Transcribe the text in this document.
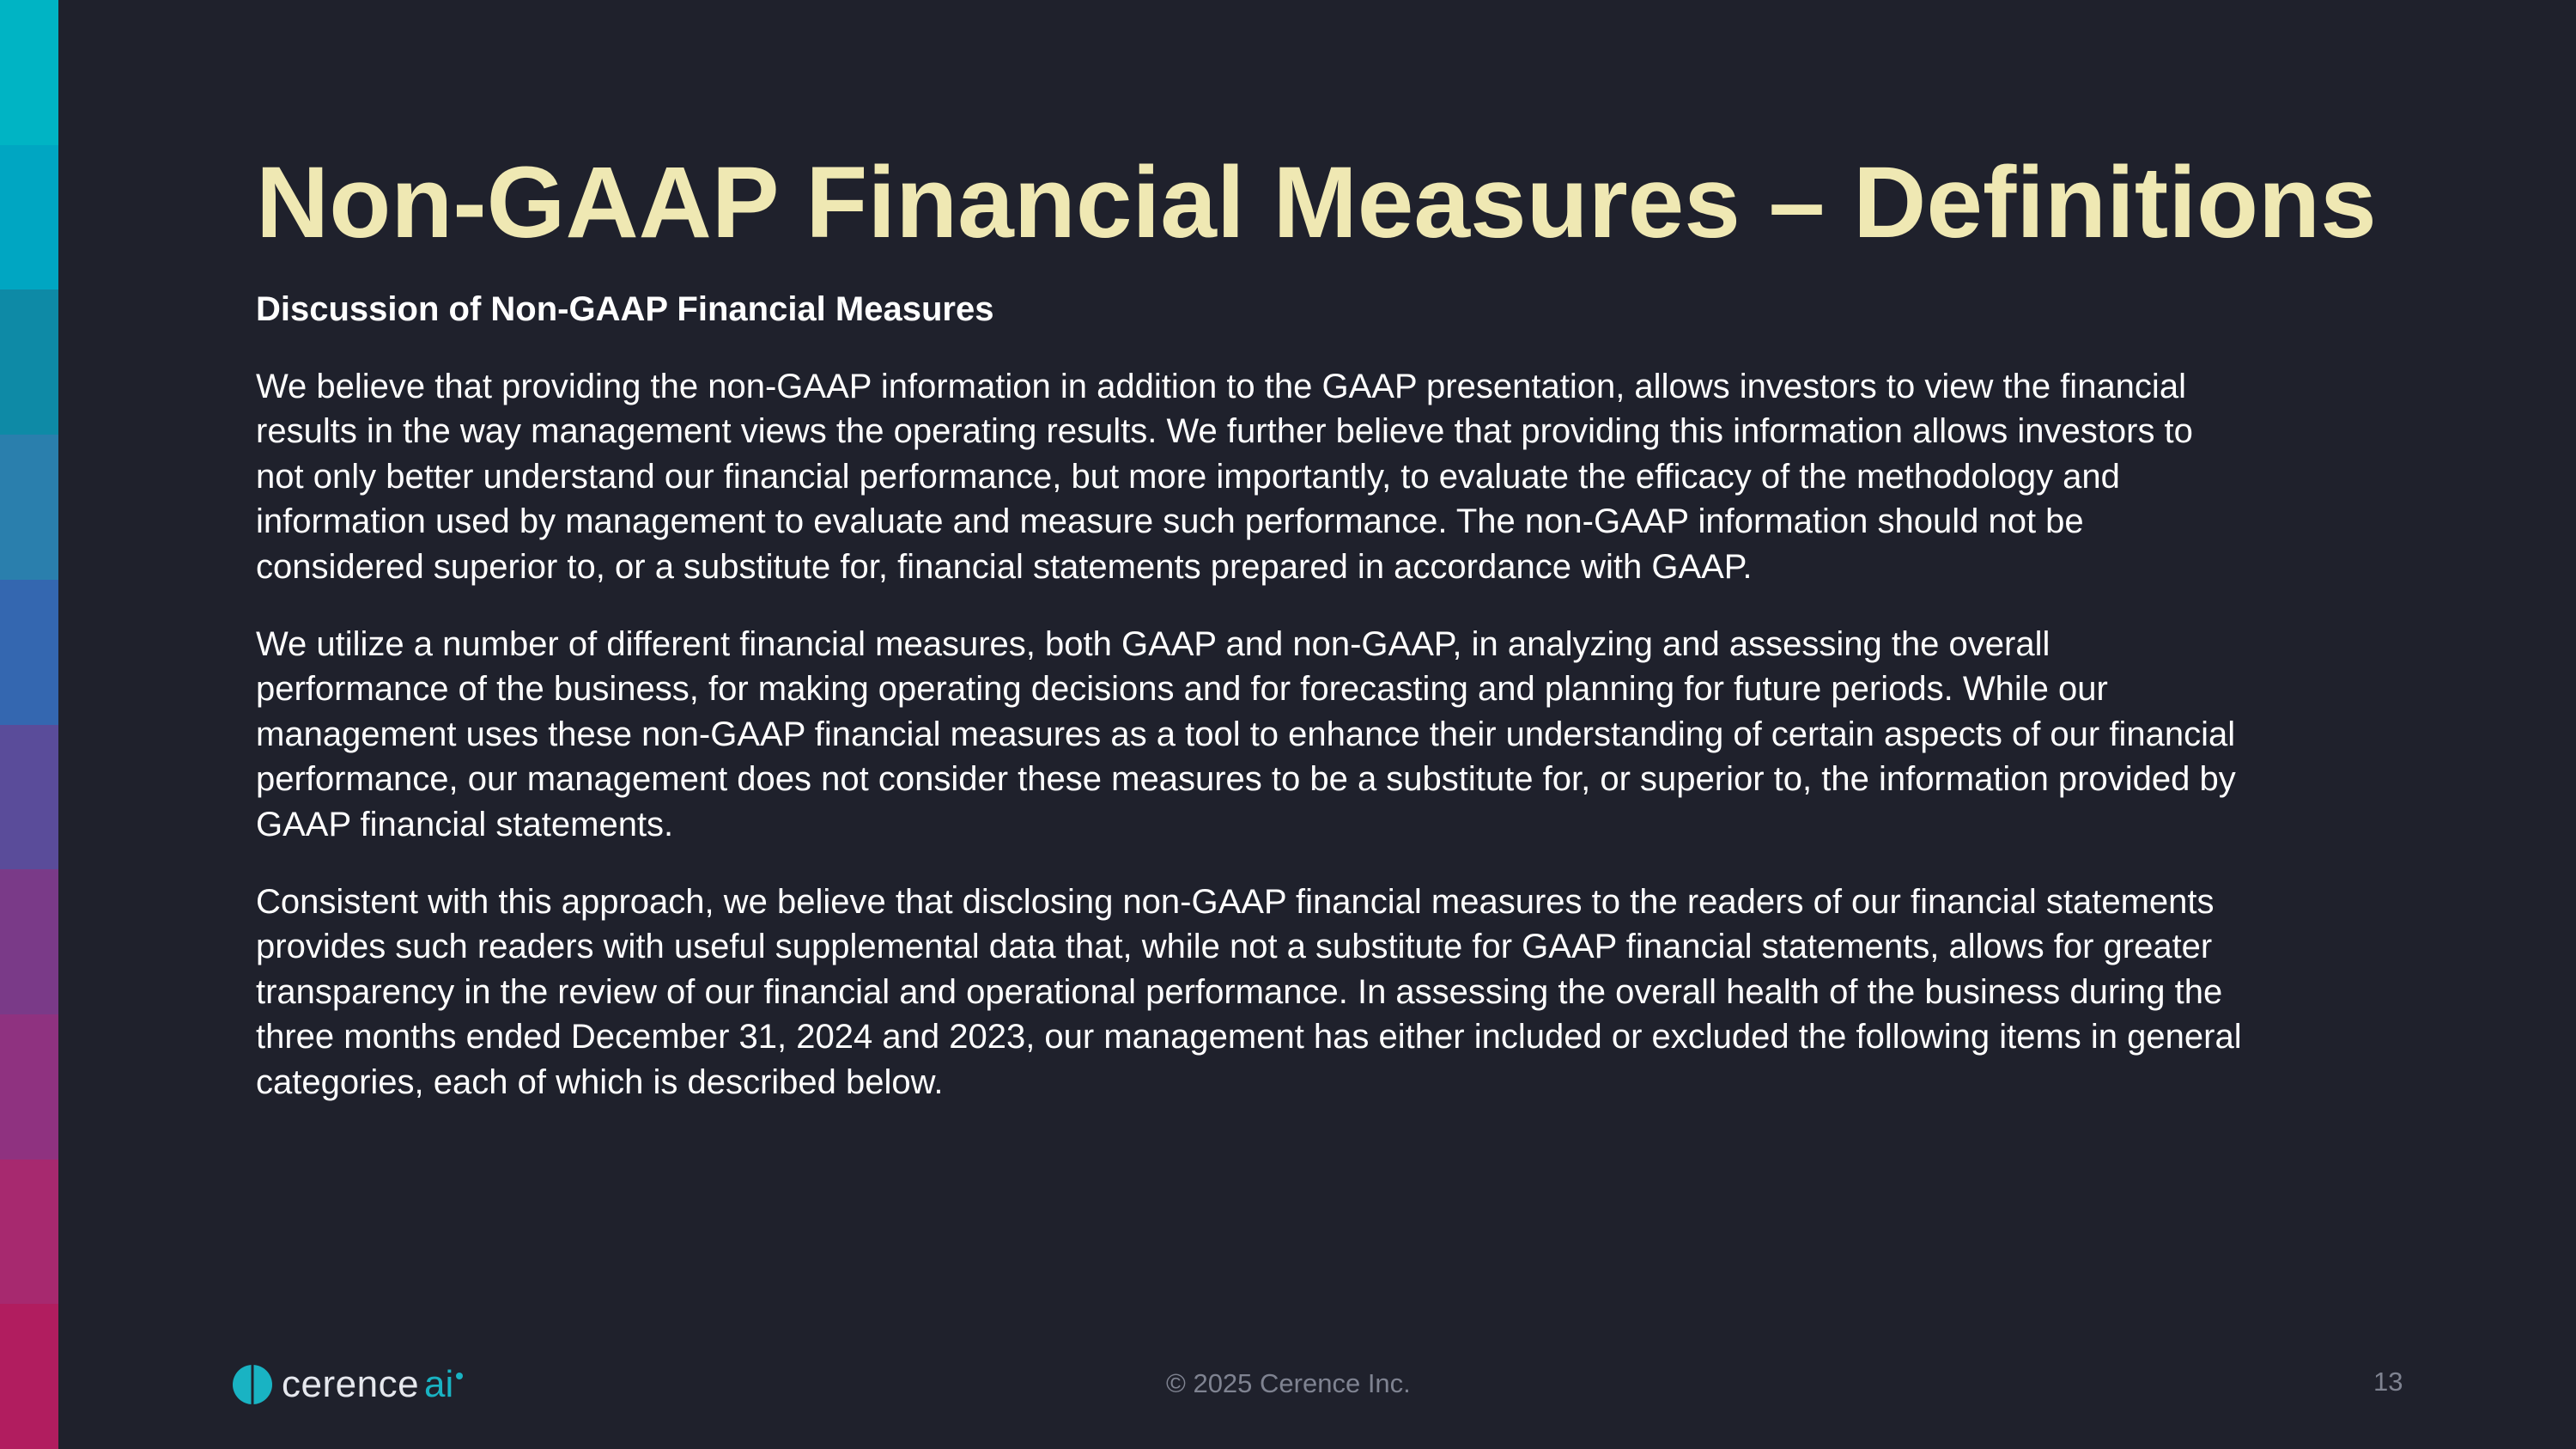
Non-GAAP Financial Measures – Definitions
Discussion of Non-GAAP Financial Measures

We believe that providing the non-GAAP information in addition to the GAAP presentation, allows investors to view the financial
results in the way management views the operating results. We further believe that providing this information allows investors to
not only better understand our financial performance, but more importantly, to evaluate the efficacy of the methodology and
information used by management to evaluate and measure such performance. The non-GAAP information should not be
considered superior to, or a substitute for, financial statements prepared in accordance with GAAP.

We utilize a number of different financial measures, both GAAP and non-GAAP, in analyzing and assessing the overall
performance of the business, for making operating decisions and for forecasting and planning for future periods. While our
management uses these non-GAAP financial measures as a tool to enhance their understanding of certain aspects of our financial
performance, our management does not consider these measures to be a substitute for, or superior to, the information provided by
GAAP financial statements.

Consistent with this approach, we believe that disclosing non-GAAP financial measures to the readers of our financial statements
provides such readers with useful supplemental data that, while not a substitute for GAAP financial statements, allows for greater
transparency in the review of our financial and operational performance. In assessing the overall health of the business during the
three months ended December 31, 2024 and 2023, our management has either included or excluded the following items in general
categories, each of which is described below.

cerence ai	© 2025 Cerence Inc.	13
